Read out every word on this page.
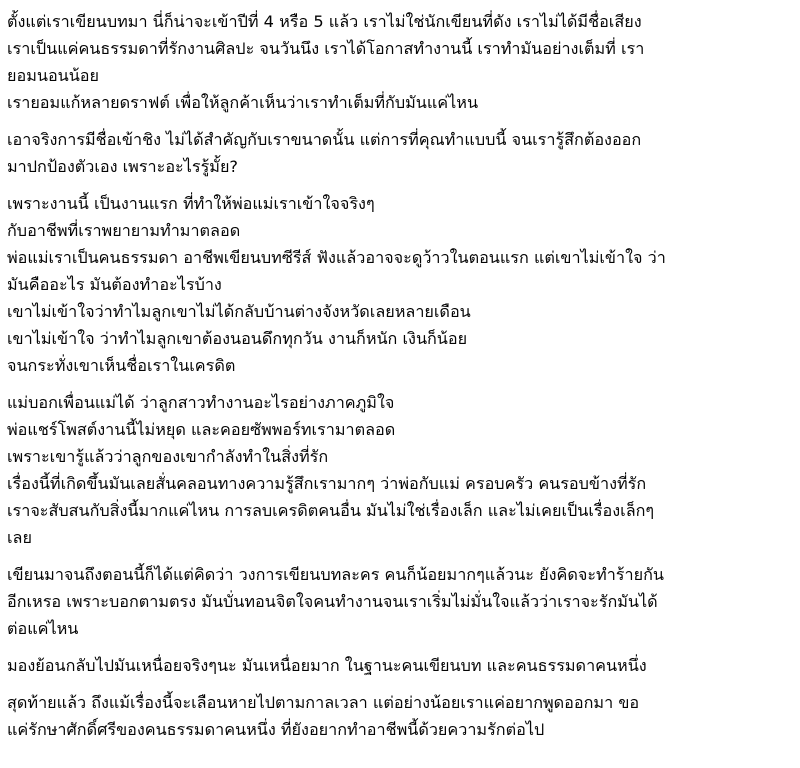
ตั้งแต่เราเขียนบทมา นี่ก็น่าจะเข้าปีที่ 4 หรือ 5 แล้ว เราไม่ใช่นักเขียนที่ดัง เราไม่ได้มีชื่อเสียง
เราเป็นแค่คนธรรมดาที่รักงานศิลปะ จนวันนึง เราได้โอกาสทำงานนี้ เราทำมันอย่างเต็มที่ เรา
ยอมนอนน้อย
เรายอมแก้หลายดราฟต์ เพื่อให้ลูกค้าเห็นว่าเราทำเต็มที่กับมันแค่ไหน
เอาจริงการมีชื่อเข้าชิง ไม่ได้สำคัญกับเราขนาดนั้น แต่การที่คุณทำแบบนี้ จนเรารู้สึกต้องออก
มาปกป้องตัวเอง เพราะอะไรรู้มั้ย?
เพราะงานนี้ เป็นงานแรก ที่ทำให้พ่อแม่เราเข้าใจจริงๆ
กับอาชีพที่เราพยายามทำมาตลอด
พ่อแม่เราเป็นคนธรรมดา อาชีพเขียนบทซีรีส์ ฟังแล้วอาจจะดูว้าวในตอนแรก แต่เขาไม่เข้าใจ ว่า
มันคืออะไร มันต้องทำอะไรบ้าง
เขาไม่เข้าใจว่าทำไมลูกเขาไม่ได้กลับบ้านต่างจังหวัดเลยหลายเดือน
เขาไม่เข้าใจ ว่าทำไมลูกเขาต้องนอนดึกทุกวัน งานก็หนัก เงินก็น้อย
จนกระทั่งเขาเห็นชื่อเราในเครดิต
แม่บอกเพื่อนแม่ได้ ว่าลูกสาวทำงานอะไรอย่างภาคภูมิใจ
พ่อแชร์โพสต์งานนี้ไม่หยุด และคอยซัพพอร์ทเรามาตลอด
เพราะเขารู้แล้วว่าลูกของเขากำลังทำในสิ่งที่รัก
เรื่องนี้ที่เกิดขึ้นมันเลยสั่นคลอนทางความรู้สึกเรามากๆ ว่าพ่อกับแม่ ครอบครัว คนรอบข้างที่รัก
เราจะสับสนกับสิ่งนี้มากแค่ไหน การลบเครดิตคนอื่น มันไม่ใช่เรื่องเล็ก และไม่เคยเป็นเรื่องเล็กๆ
เลย
เขียนมาจนถึงตอนนี้ก็ได้แต่คิดว่า วงการเขียนบทละคร คนก็น้อยมากๆแล้วนะ ยังคิดจะทำร้ายกัน
อีกเหรอ เพราะบอกตามตรง มันบั่นทอนจิตใจคนทำงานจนเราเริ่มไม่มั่นใจแล้วว่าเราจะรักมันได้
ต่อแค่ไหน
มองย้อนกลับไปมันเหนื่อยจริงๆนะ มันเหนื่อยมาก ในฐานะคนเขียนบท และคนธรรมดาคนหนึ่ง
สุดท้ายแล้ว ถึงแม้เรื่องนี้จะเลือนหายไปตามกาลเวลา แต่อย่างน้อยเราแค่อยากพูดออกมา ขอ
แค่รักษาศักดิ์ศรีของคนธรรมดาคนหนึ่ง ที่ยังอยากทำอาชีพนี้ด้วยความรักต่อไป
